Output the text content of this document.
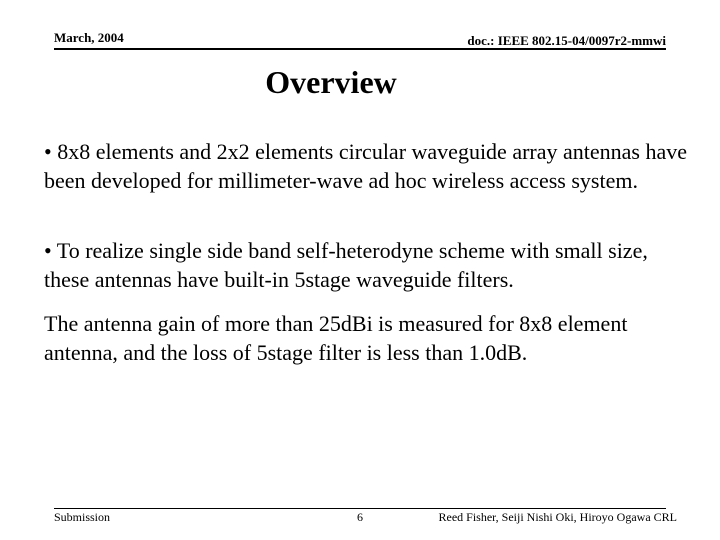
March, 2004	doc.: IEEE 802.15-04/0097r2-mmwi
Overview

• 8x8 elements and 2x2 elements circular waveguide array antennas have been developed for millimeter-wave ad hoc wireless access system.

• To realize single side band self-heterodyne scheme with small size, these antennas have built-in 5stage waveguide filters.

The antenna gain of more than 25dBi is measured for 8x8 element antenna, and the loss of 5stage filter is less than 1.0dB.

Submission	6	Reed Fisher, Seiji Nishi Oki, Hiroyo Ogawa CRL
